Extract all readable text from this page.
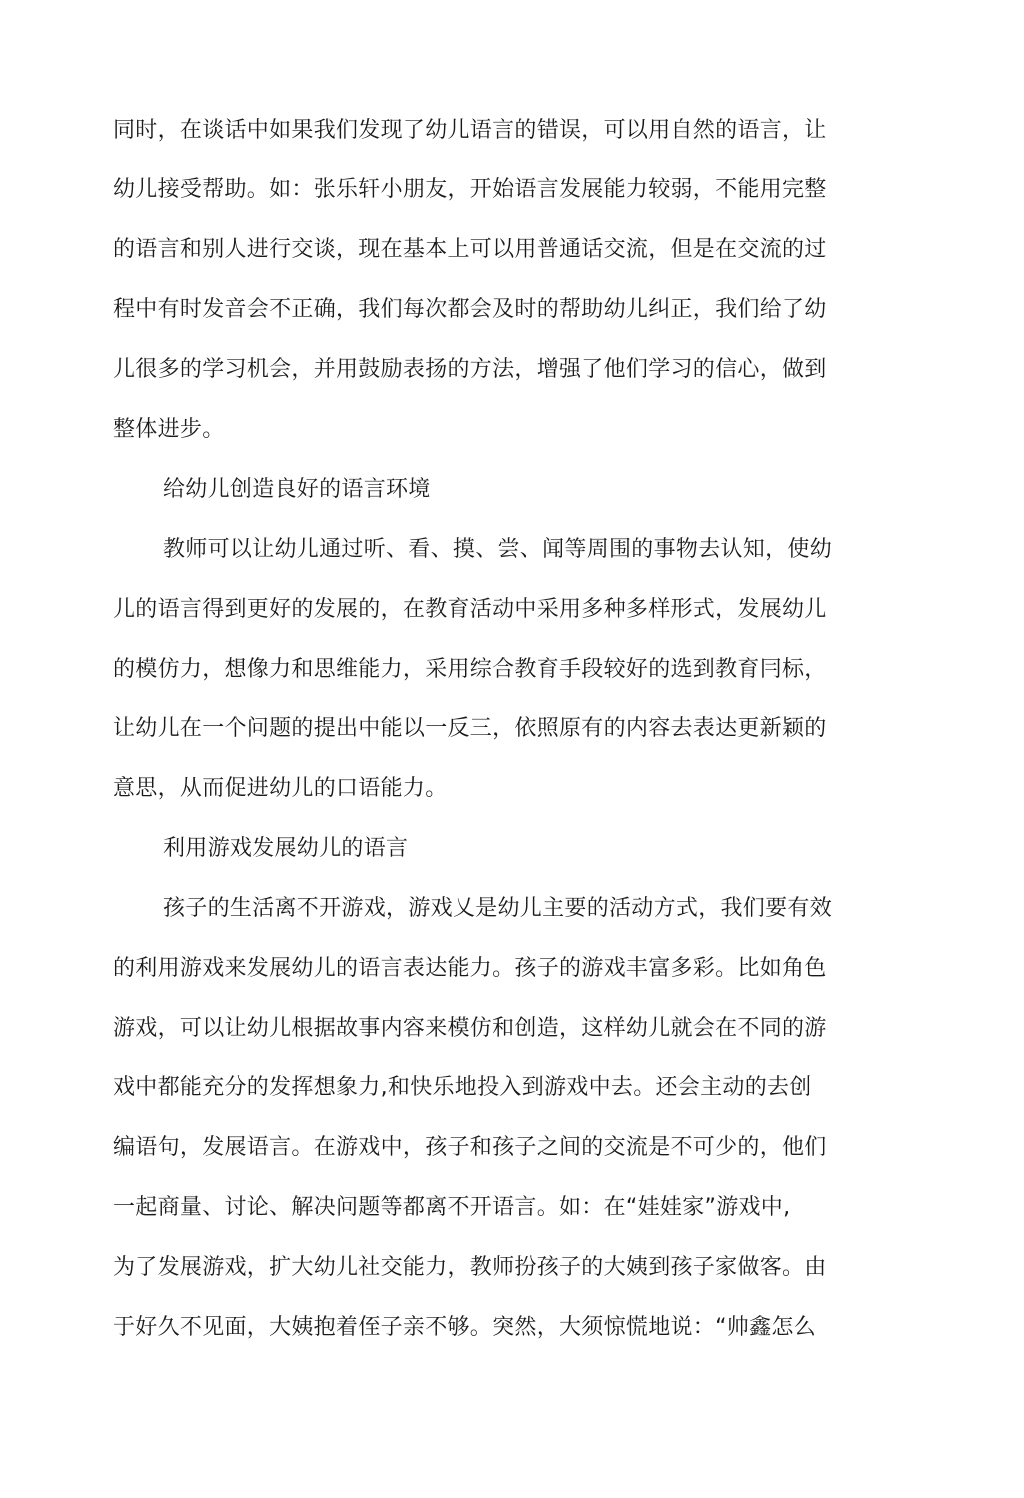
同时，在谈话中如果我们发现了幼儿语言的错误，可以用自然的语言，让
幼儿接受帮助。如：张乐轩小朋友，开始语言发展能力较弱，不能用完整
的语言和别人进行交谈，现在基本上可以用普通话交流，但是在交流的过
程中有时发音会不正确，我们每次都会及时的帮助幼儿纠正，我们给了幼
儿很多的学习机会，并用鼓励表扬的方法，增强了他们学习的信心，做到
整体进步。
给幼儿创造良好的语言环境
教师可以让幼儿通过听、看、摸、尝、闻等周围的事物去认知，使幼
儿的语言得到更好的发展的，在教育活动中采用多种多样形式，发展幼儿
的模仿力，想像力和思维能力，采用综合教育手段较好的选到教育冃标，
让幼儿在一个问题的提出中能以一反三，依照原有的内容去表达更新颖的
意思，从而促进幼儿的口语能力。
利用游戏发展幼儿的语言
孩子的生活离不开游戏，游戏乂是幼儿主要的活动方式，我们要有效
的利用游戏来发展幼儿的语言表达能力。孩子的游戏丰富多彩。比如角色
游戏，可以让幼儿根据故事内容来模仿和创造，这样幼儿就会在不同的游
戏中都能充分的发挥想象力,和快乐地投入到游戏中去。还会主动的去创
编语句，发展语言。在游戏中，孩子和孩子之间的交流是不可少的，他们
一起商量、讨论、解决问题等都离不开语言。如：在“娃娃家”游戏中,
为了发展游戏，扩大幼儿社交能力，教师扮孩子的大姨到孩子家做客。由
于好久不见面，大姨抱着侄子亲不够。突然，大须惊慌地说：“帅鑫怎么
